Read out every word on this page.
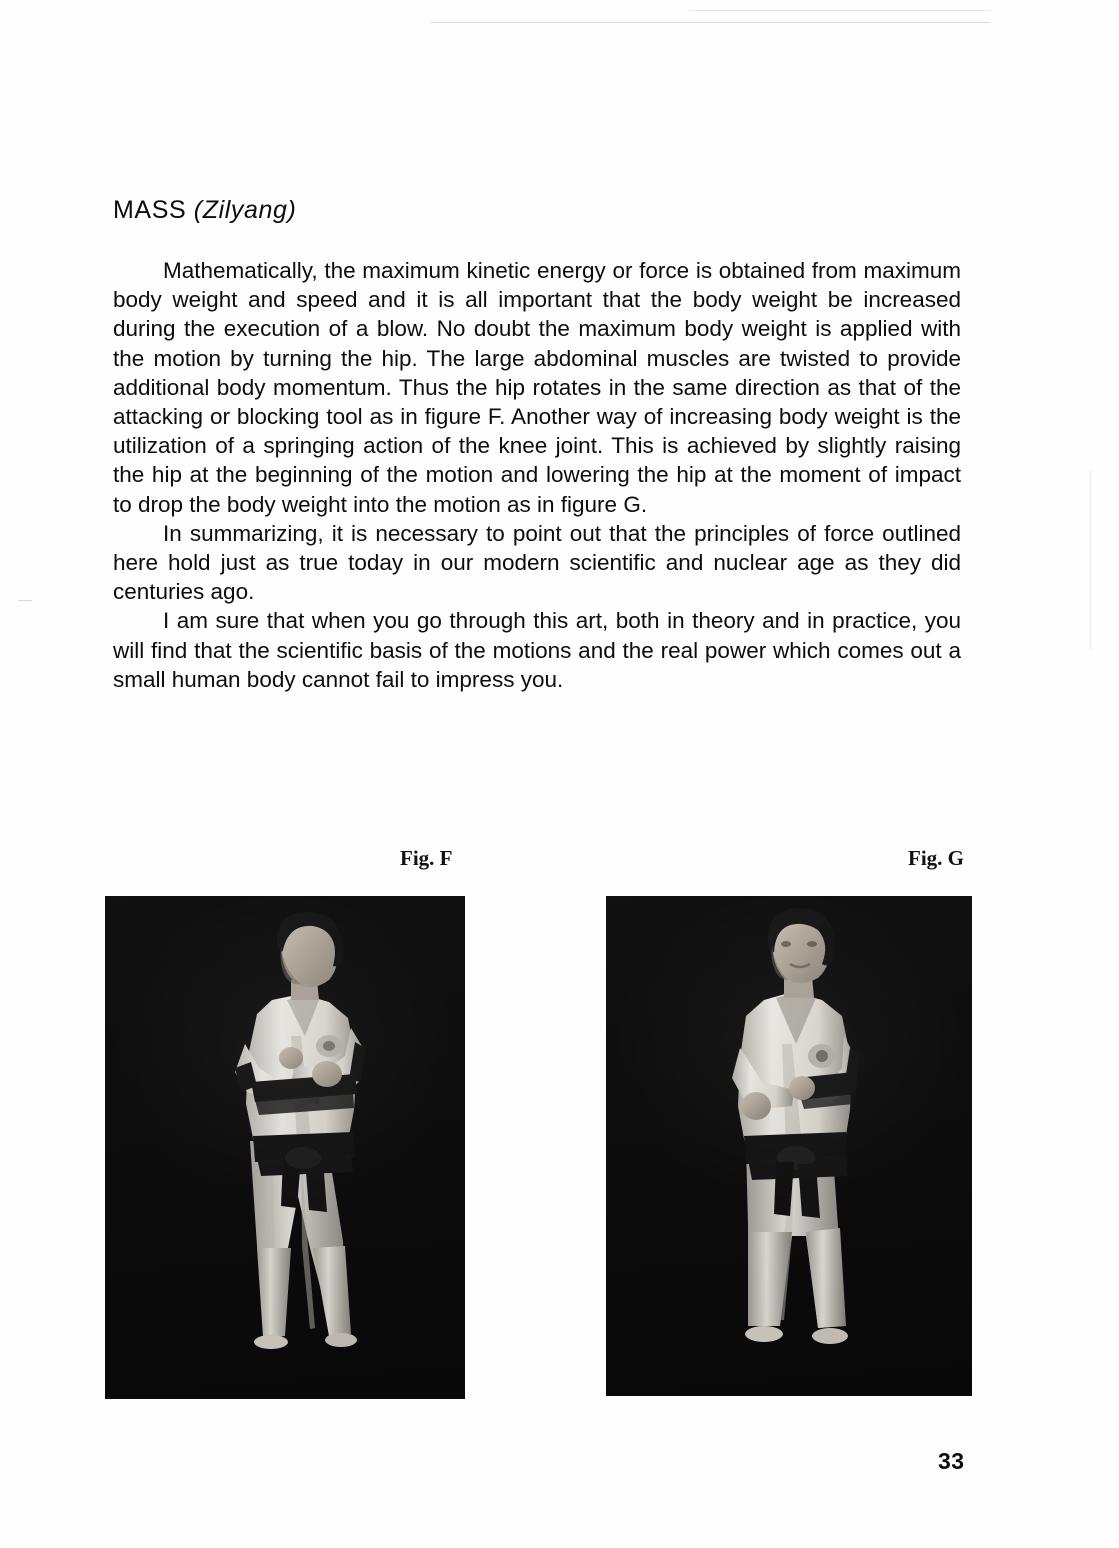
MASS (Zilyang)

Mathematically, the maximum kinetic energy or force is obtained from maximum body weight and speed and it is all important that the body weight be increased during the execution of a blow. No doubt the maximum body weight is applied with the motion by turning the hip. The large abdominal muscles are twisted to provide additional body momentum. Thus the hip rotates in the same direction as that of the attacking or blocking tool as in figure F. Another way of increasing body weight is the utilization of a springing action of the knee joint. This is achieved by slightly raising the hip at the beginning of the motion and lowering the hip at the moment of impact to drop the body weight into the motion as in figure G.

In summarizing, it is necessary to point out that the principles of force outlined here hold just as true today in our modern scientific and nuclear age as they did centuries ago.

I am sure that when you go through this art, both in theory and in practice, you will find that the scientific basis of the motions and the real power which comes out a small human body cannot fail to impress you.

Fig. F	Fig. G
33
